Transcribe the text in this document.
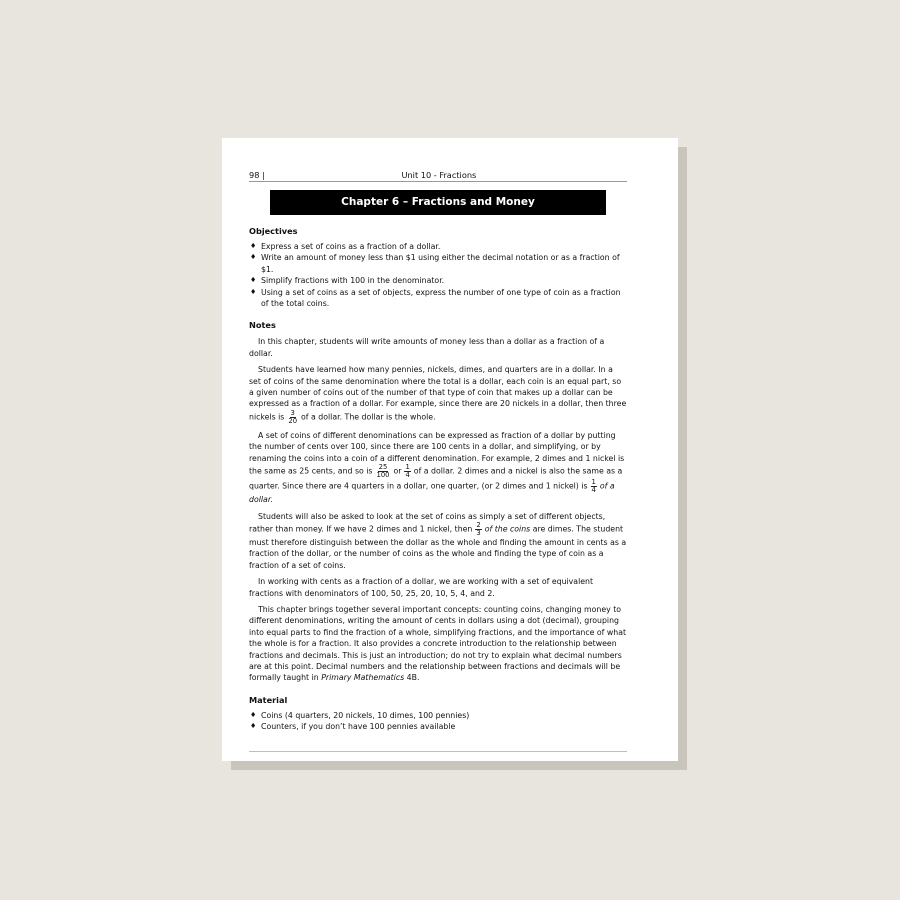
98 |	Unit 10 - Fractions
Chapter 6 – Fractions and Money
Objectives
♦ Express a set of coins as a fraction of a dollar.
♦ Write an amount of money less than $1 using either the decimal notation or as a fraction of $1.
♦ Simplify fractions with 100 in the denominator.
♦ Using a set of coins as a set of objects, express the number of one type of coin as a fraction of the total coins.
Notes

In this chapter, students will write amounts of money less than a dollar as a fraction of a dollar.

Students have learned how many pennies, nickels, dimes, and quarters are in a dollar. In a set of coins of the same denomination where the total is a dollar, each coin is an equal part, so a given number of coins out of the number of that type of coin that makes up a dollar can be expressed as a fraction of a dollar. For example, since there are 20 nickels in a dollar, then three nickels is $\frac{3}{20}$ of a dollar. The dollar is the whole.

A set of coins of different denominations can be expressed as fraction of a dollar by putting the number of cents over 100, since there are 100 cents in a dollar, and simplifying, or by renaming the coins into a coin of a different denomination. For example, 2 dimes and 1 nickel is the same as 25 cents, and so is $\frac{25}{100}$ or $\frac{1}{4}$ of a dollar. 2 dimes and a nickel is also the same as a quarter. Since there are 4 quarters in a dollar, one quarter, (or 2 dimes and 1 nickel) is $\frac{1}{4}$ of a dollar.

Students will also be asked to look at the set of coins as simply a set of different objects, rather than money. If we have 2 dimes and 1 nickel, then $\frac{2}{3}$ of the coins are dimes. The student must therefore distinguish between the dollar as the whole and finding the amount in cents as a fraction of the dollar, or the number of coins as the whole and finding the type of coin as a fraction of a set of coins.

In working with cents as a fraction of a dollar, we are working with a set of equivalent fractions with denominators of 100, 50, 25, 20, 10, 5, 4, and 2.

This chapter brings together several important concepts: counting coins, changing money to different denominations, writing the amount of cents in dollars using a dot (decimal), grouping into equal parts to find the fraction of a whole, simplifying fractions, and the importance of what the whole is for a fraction. It also provides a concrete introduction to the relationship between fractions and decimals. This is just an introduction; do not try to explain what decimal numbers are at this point. Decimal numbers and the relationship between fractions and decimals will be formally taught in Primary Mathematics 4B.

Material
♦ Coins (4 quarters, 20 nickels, 10 dimes, 100 pennies)
♦ Counters, if you don’t have 100 pennies available
